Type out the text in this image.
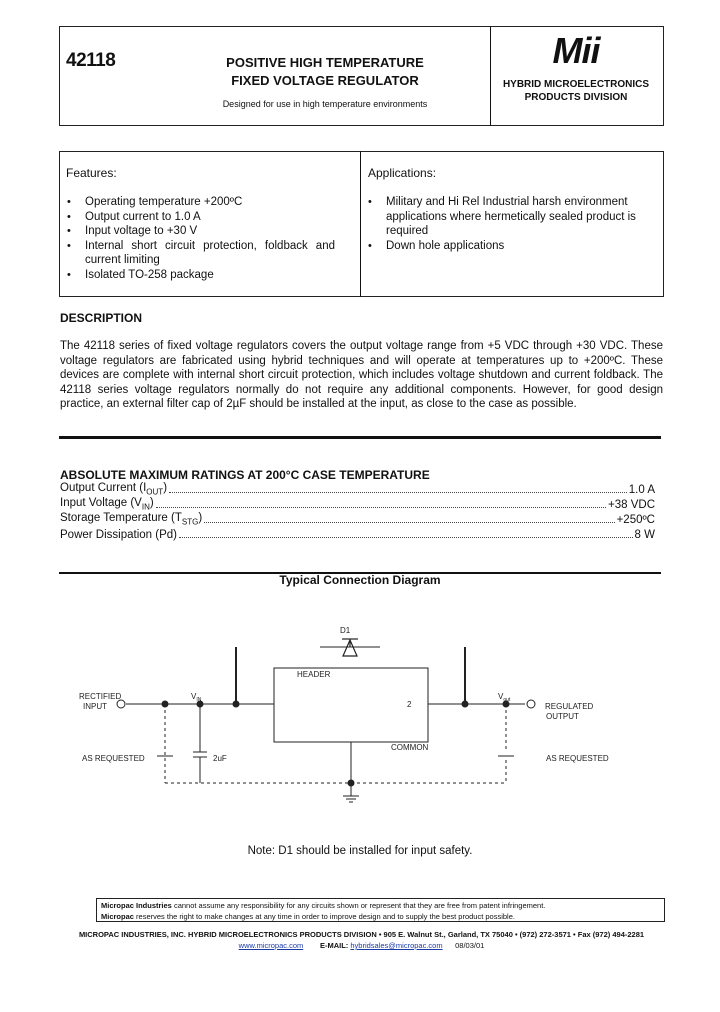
42118	POSITIVE HIGH TEMPERATURE
FIXED VOLTAGE REGULATOR
Designed for use in high temperature environments
Mii
HYBRID MICROELECTRONICS
PRODUCTS DIVISION
Features:
• Operating temperature +200ºC
• Output current to 1.0 A
• Input voltage to +30 V
• Internal short circuit protection, foldback and current limiting
• Isolated TO-258 package
Applications:
• Military and Hi Rel Industrial harsh environment applications where hermetically sealed product is required
• Down hole applications
DESCRIPTION
The 42118 series of fixed voltage regulators covers the output voltage range from +5 VDC through +30 VDC. These voltage regulators are fabricated using hybrid techniques and will operate at temperatures up to +200ºC. These devices are complete with internal short circuit protection, which includes voltage shutdown and current foldback. The 42118 series voltage regulators normally do not require any additional components. However, for good design practice, an external filter cap of 2µF should be installed at the input, as close to the case as possible.
ABSOLUTE MAXIMUM RATINGS AT 200°C CASE TEMPERATURE
Output Current $(I_{OUT})$	1.0 A
Input Voltage $(V_{IN})$	+38 VDC
Storage Temperature $(T_{STG})$	+250ºC
Power Dissipation (Pd)	8 W
Typical Connection Diagram
RECTIFIED
INPUT
$V_{IN}$
D1
HEADER
2
COMMON
$V_{out}$
REGULATED
OUTPUT
AS REQUESTED	AS REQUESTED
2uF
Note: D1 should be installed for input safety.
Micropac Industries cannot assume any responsibility for any circuits shown or represent that they are free from patent infringement.
Micropac reserves the right to make changes at any time in order to improve design and to supply the best product possible.
MICROPAC INDUSTRIES, INC. HYBRID MICROELECTRONICS PRODUCTS DIVISION • 905 E. Walnut St., Garland, TX 75040 • (972) 272-3571 • Fax (972) 494-2281
www.micropac.com E-MAIL: hybridsales@micropac.com 08/03/01
